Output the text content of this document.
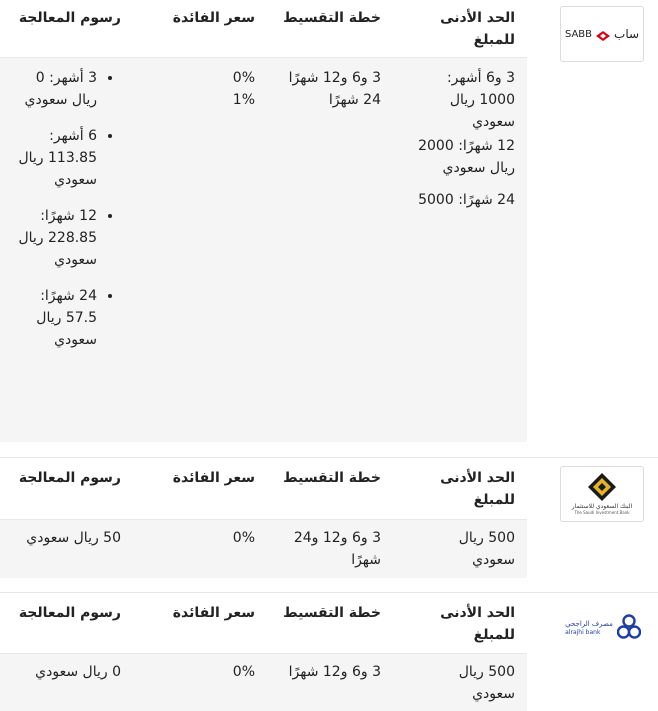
ساب
SABB
الحد الأدنى للمبلغ
خطة التقسيط
سعر الفائدة
رسوم المعالجة
3 و6 أشهر: 1000 ريال سعودي
12 شهرًا: 2000 ريال سعودي
24 شهرًا: 5000
3 و6 و12 شهرًا 24 شهرًا
0%
1%
• 3 أشهر: 0 ريال سعودي
• 6 أشهر: 113.85 ريال سعودي
• 12 شهرًا: 228.85 ريال سعودي
• 24 شهرًا: 57.5 ريال سعودي
البنك السعودي للاستثمار
The Saudi Investment Bank
الحد الأدنى للمبلغ
خطة التقسيط
سعر الفائدة
رسوم المعالجة
500 ريال سعودي
3 و6 و12 و24 شهرًا
0%
50 ريال سعودي
مصرف الراجحي
alrajhi bank
الحد الأدنى للمبلغ
خطة التقسيط
سعر الفائدة
رسوم المعالجة
500 ريال سعودي
3 و6 و12 شهرًا
0%
0 ريال سعودي
